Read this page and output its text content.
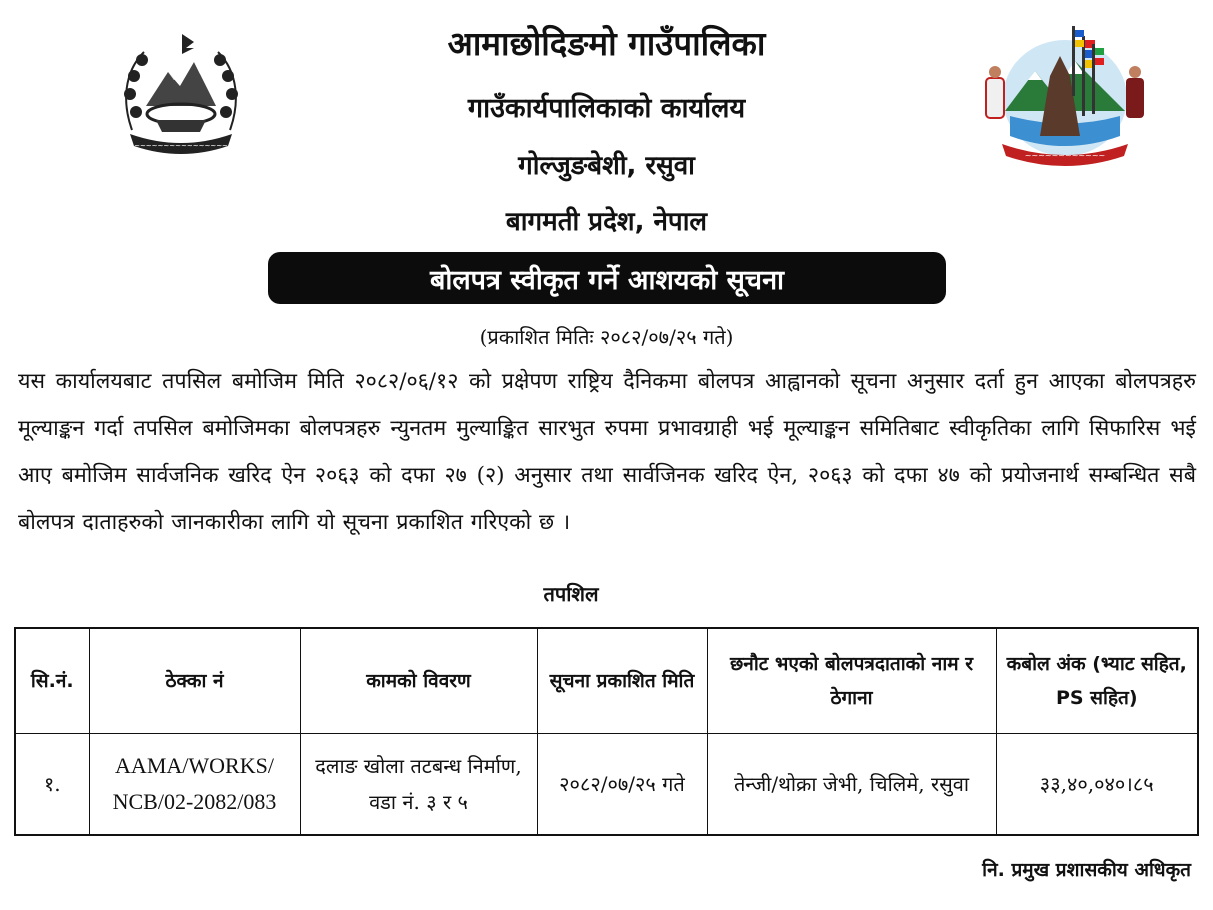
~~~~~~~~~~~~~~~~
~~~~~~~~~~~~
आमाछोदिङमो गाउँपालिका
गाउँकार्यपालिकाको कार्यालय
गोल्जुङबेशी, रसुवा
बागमती प्रदेश, नेपाल
बोलपत्र स्वीकृत गर्ने आशयको सूचना
(प्रकाशित मितिः २०८२/०७/२५ गते)
यस कार्यालयबाट तपसिल बमोजिम मिति २०८२/०६/१२ को प्रक्षेपण राष्ट्रिय दैनिकमा बोलपत्र आह्वानको सूचना अनुसार दर्ता हुन आएका बोलपत्रहरु मूल्याङ्कन गर्दा तपसिल बमोजिमका बोलपत्रहरु न्युनतम मुल्याङ्कित सारभुत रुपमा प्रभावग्राही भई मूल्याङ्कन समितिबाट स्वीकृतिका लागि सिफारिस भई आए बमोजिम सार्वजनिक खरिद ऐन २०६३ को दफा २७ (२) अनुसार तथा सार्वजिनक खरिद ऐन, २०६३ को दफा ४७ को प्रयोजनार्थ सम्बन्धित सबै बोलपत्र दाताहरुको जानकारीका लागि यो सूचना प्रकाशित गरिएको छ ।
तपशिल
सि.नं.	ठेक्का नं	कामको विवरण	सूचना प्रकाशित मिति	छनौट भएको बोलपत्रदाताको नाम र ठेगाना	कबोल अंक (भ्याट सहित, PS सहित)
१.	AAMA/WORKS/ NCB/02-2082/083	दलाङ खोला तटबन्ध निर्माण, वडा नं. ३ र ५	२०८२/०७/२५ गते	तेन्जी/थोक्रा जेभी, चिलिमे, रसुवा	३३,४०,०४०।८५
नि. प्रमुख प्रशासकीय अधिकृत
